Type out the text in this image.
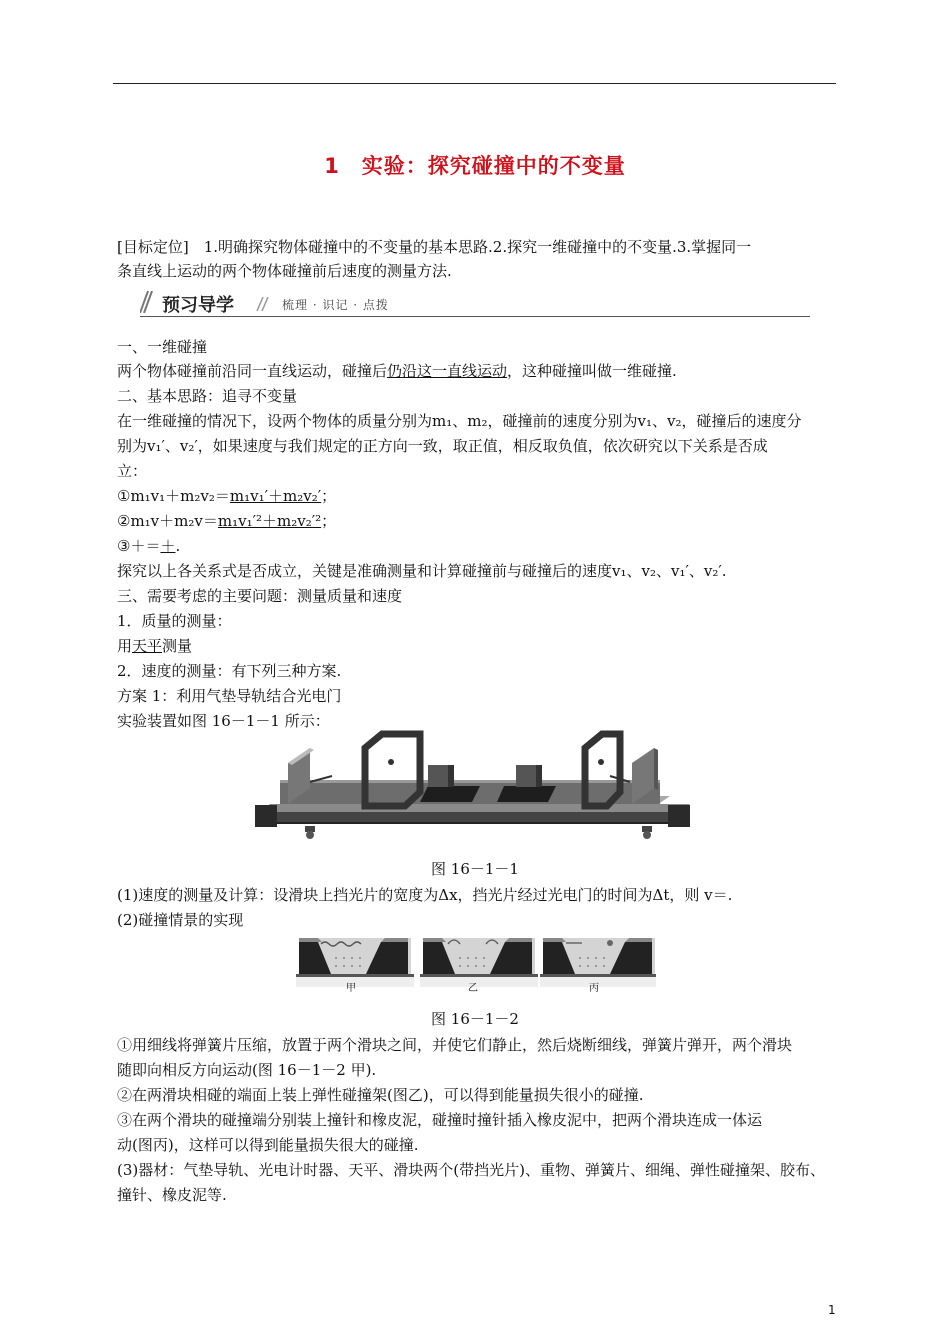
1　实验：探究碰撞中的不变量
[目标定位]　1.明确探究物体碰撞中的不变量的基本思路.2.探究一维碰撞中的不变量.3.掌握同一
条直线上运动的两个物体碰撞前后速度的测量方法.
预习导学	梳理 · 识记 · 点拨
一、一维碰撞
两个物体碰撞前沿同一直线运动，碰撞后仍沿这一直线运动，这种碰撞叫做一维碰撞.
二、基本思路：追寻不变量
在一维碰撞的情况下，设两个物体的质量分别为m₁、m₂，碰撞前的速度分别为v₁、v₂，碰撞后的速度分
别为v₁′、v₂′，如果速度与我们规定的正方向一致，取正值，相反取负值，依次研究以下关系是否成
立：
①m₁v₁＋m₂v₂＝m₁v₁′＋m₂v₂′；
②m₁v＋m₂v＝m₁v₁′²＋m₂v₂′²；
③＋＝＋.
探究以上各关系式是否成立，关键是准确测量和计算碰撞前与碰撞后的速度v₁、v₂、v₁′、v₂′.
三、需要考虑的主要问题：测量质量和速度
1．质量的测量：
用天平测量
2．速度的测量：有下列三种方案.
方案 1：利用气垫导轨结合光电门
实验装置如图 16－1－1 所示：
图 16－1－1
(1)速度的测量及计算：设滑块上挡光片的宽度为Δx，挡光片经过光电门的时间为Δt，则 v＝.
(2)碰撞情景的实现
甲	乙	丙
图 16－1－2
①用细线将弹簧片压缩，放置于两个滑块之间，并使它们静止，然后烧断细线，弹簧片弹开，两个滑块
随即向相反方向运动(图 16－1－2 甲).
②在两滑块相碰的端面上装上弹性碰撞架(图乙)，可以得到能量损失很小的碰撞.
③在两个滑块的碰撞端分别装上撞针和橡皮泥，碰撞时撞针插入橡皮泥中，把两个滑块连成一体运
动(图丙)，这样可以得到能量损失很大的碰撞.
(3)器材：气垫导轨、光电计时器、天平、滑块两个(带挡光片)、重物、弹簧片、细绳、弹性碰撞架、胶布、
撞针、橡皮泥等.
1
